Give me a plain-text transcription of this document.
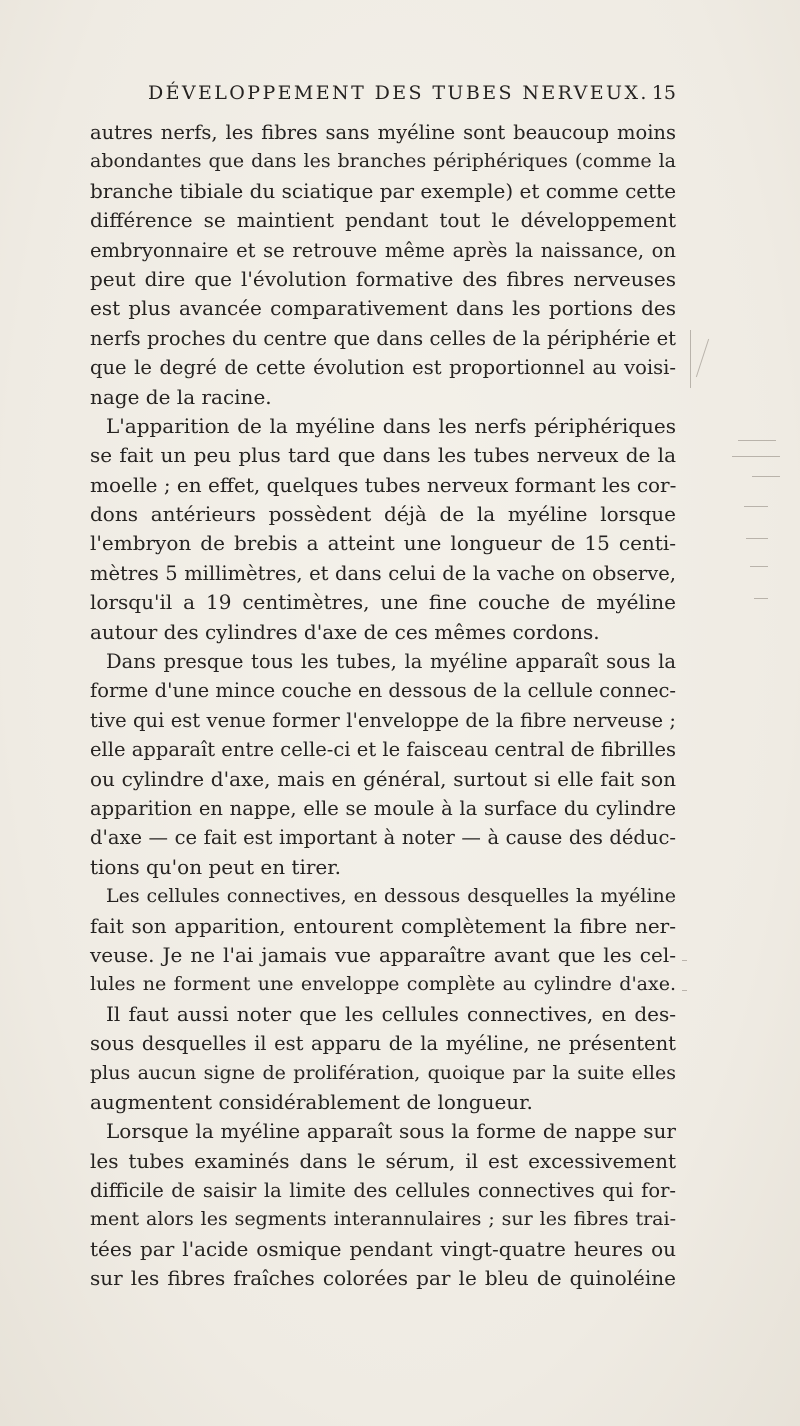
DÉVELOPPEMENT DES TUBES NERVEUX. 15
autres nerfs, les fibres sans myéline sont beaucoup moins
abondantes que dans les branches périphériques (comme la
branche tibiale du sciatique par exemple) et comme cette
différence se maintient pendant tout le développement
embryonnaire et se retrouve même après la naissance, on
peut dire que l'évolution formative des fibres nerveuses
est plus avancée comparativement dans les portions des
nerfs proches du centre que dans celles de la périphérie et
que le degré de cette évolution est proportionnel au voisi-
nage de la racine.
L'apparition de la myéline dans les nerfs périphériques
se fait un peu plus tard que dans les tubes nerveux de la
moelle ; en effet, quelques tubes nerveux formant les cor-
dons antérieurs possèdent déjà de la myéline lorsque
l'embryon de brebis a atteint une longueur de 15 centi-
mètres 5 millimètres, et dans celui de la vache on observe,
lorsqu'il a 19 centimètres, une fine couche de myéline
autour des cylindres d'axe de ces mêmes cordons.
Dans presque tous les tubes, la myéline apparaît sous la
forme d'une mince couche en dessous de la cellule connec-
tive qui est venue former l'enveloppe de la fibre nerveuse ;
elle apparaît entre celle-ci et le faisceau central de fibrilles
ou cylindre d'axe, mais en général, surtout si elle fait son
apparition en nappe, elle se moule à la surface du cylindre
d'axe — ce fait est important à noter — à cause des déduc-
tions qu'on peut en tirer.
Les cellules connectives, en dessous desquelles la myéline
fait son apparition, entourent complètement la fibre ner-
veuse. Je ne l'ai jamais vue apparaître avant que les cel-
lules ne forment une enveloppe complète au cylindre d'axe.
Il faut aussi noter que les cellules connectives, en des-
sous desquelles il est apparu de la myéline, ne présentent
plus aucun signe de prolifération, quoique par la suite elles
augmentent considérablement de longueur.
Lorsque la myéline apparaît sous la forme de nappe sur
les tubes examinés dans le sérum, il est excessivement
difficile de saisir la limite des cellules connectives qui for-
ment alors les segments interannulaires ; sur les fibres trai-
tées par l'acide osmique pendant vingt-quatre heures ou
sur les fibres fraîches colorées par le bleu de quinoléine
